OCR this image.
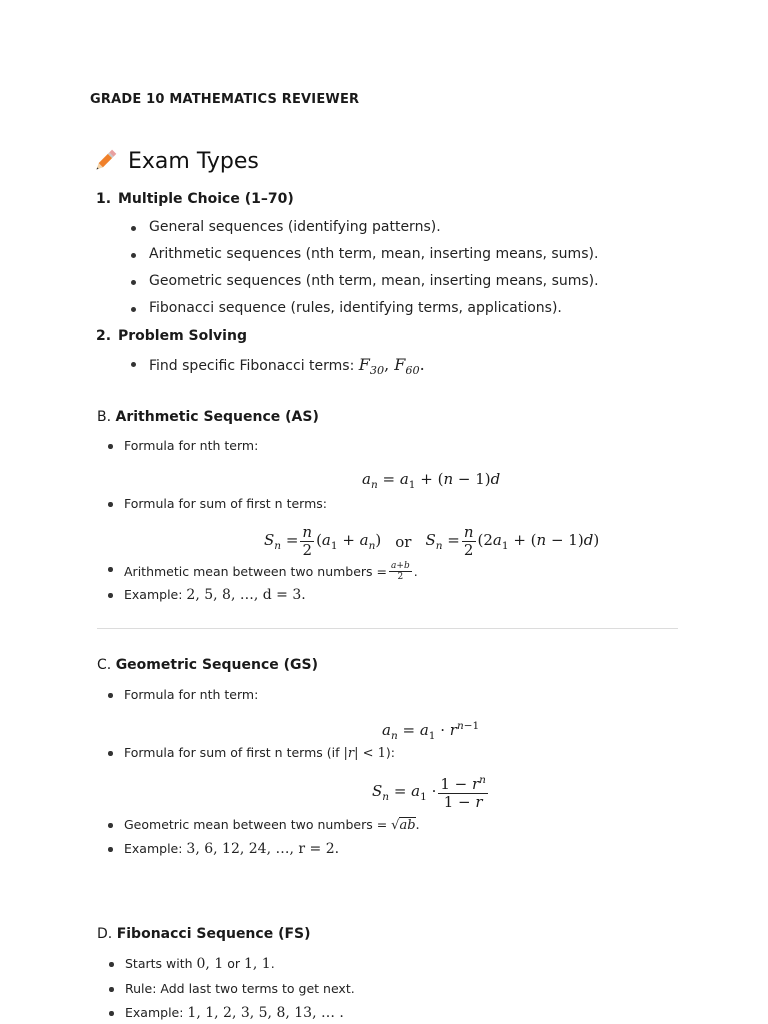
GRADE 10 MATHEMATICS REVIEWER
Exam Types
1. Multiple Choice (1–70)
General sequences (identifying patterns).
Arithmetic sequences (nth term, mean, inserting means, sums).
Geometric sequences (nth term, mean, inserting means, sums).
Fibonacci sequence (rules, identifying terms, applications).
2. Problem Solving
Find specific Fibonacci terms: $F_{30}$, $F_{60}$.
B. Arithmetic Sequence (AS)
Formula for nth term:
$a_n = a_1 + (n - 1)d$
Formula for sum of first n terms:
$S_n = \frac{n}{2} (a_1 + a_n)$ or $S_n = \frac{n}{2} (2a_1 + (n - 1)d)$
Arithmetic mean between two numbers = $\frac{a+b}{2}$ .
Example: 2, 5, 8, …, d = 3.
C. Geometric Sequence (GS)
Formula for nth term:
$a_n = a_1 \cdot r^{n-1}$
Formula for sum of first n terms (if |r| < 1):
$S_n = a_1 \cdot \frac{1 - r^n}{1 - r}$
Geometric mean between two numbers = √ab.
Example: 3, 6, 12, 24, …, r = 2.
D. Fibonacci Sequence (FS)
Starts with 0, 1 or 1, 1.
Rule: Add last two terms to get next.
Example: 1, 1, 2, 3, 5, 8, 13, … .
